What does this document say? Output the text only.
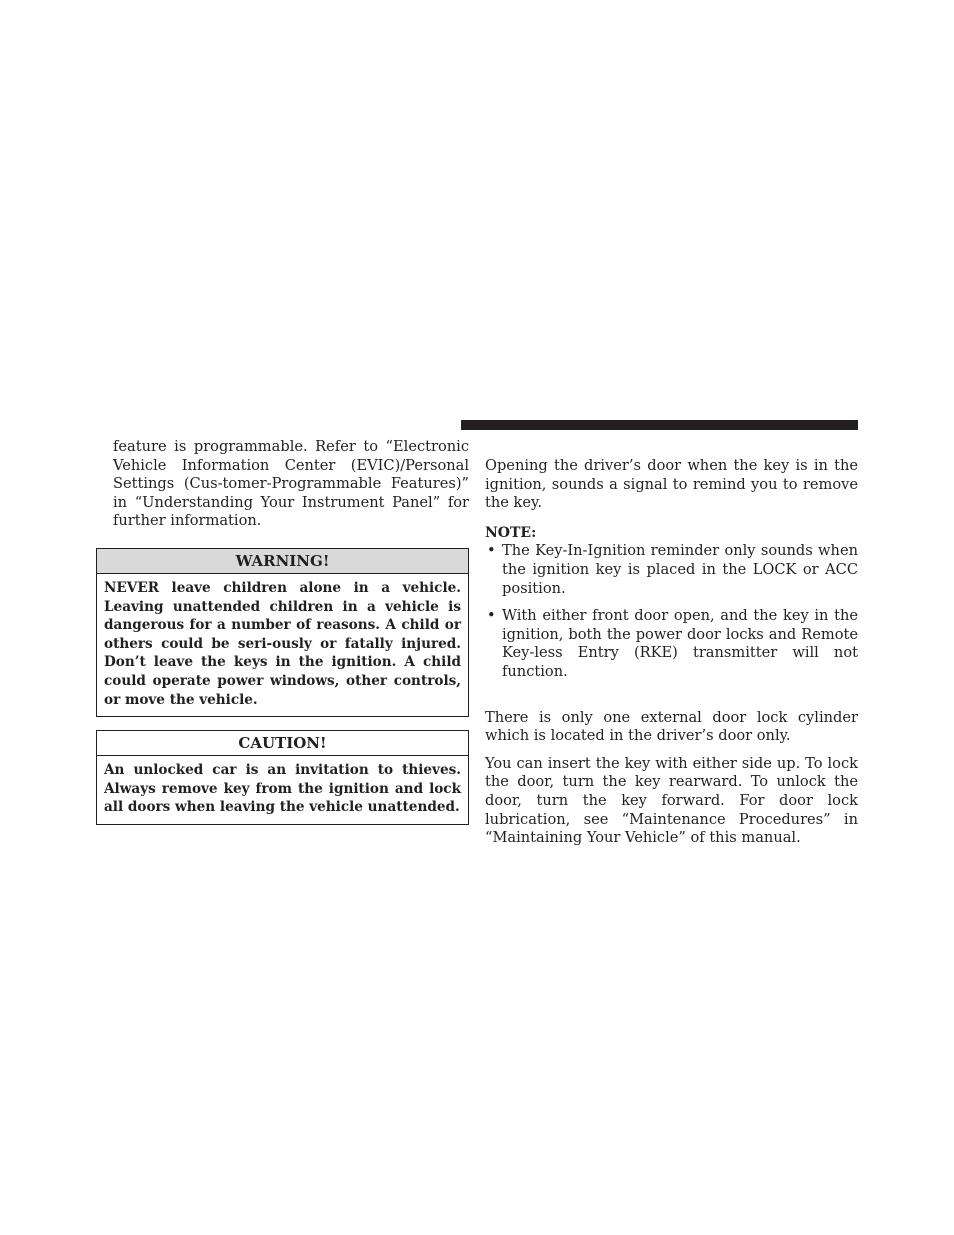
feature is programmable. Refer to “Electronic Vehicle Information Center (EVIC)/Personal Settings (Cus-tomer-Programmable Features)” in “Understanding Your Instrument Panel” for further information.

WARNING!
NEVER leave children alone in a vehicle. Leaving unattended children in a vehicle is dangerous for a number of reasons. A child or others could be seri-ously or fatally injured. Don’t leave the keys in the ignition. A child could operate power windows, other controls, or move the vehicle.
CAUTION!
An unlocked car is an invitation to thieves. Always remove key from the ignition and lock all doors when leaving the vehicle unattended.

Opening the driver’s door when the key is in the ignition, sounds a signal to remind you to remove the key.

NOTE:
• The Key-In-Ignition reminder only sounds when the ignition key is placed in the LOCK or ACC position.
• With either front door open, and the key in the ignition, both the power door locks and Remote Key-less Entry (RKE) transmitter will not function.

There is only one external door lock cylinder which is located in the driver’s door only.

You can insert the key with either side up. To lock the door, turn the key rearward. To unlock the door, turn the key forward. For door lock lubrication, see “Maintenance Procedures” in “Maintaining Your Vehicle” of this manual.
